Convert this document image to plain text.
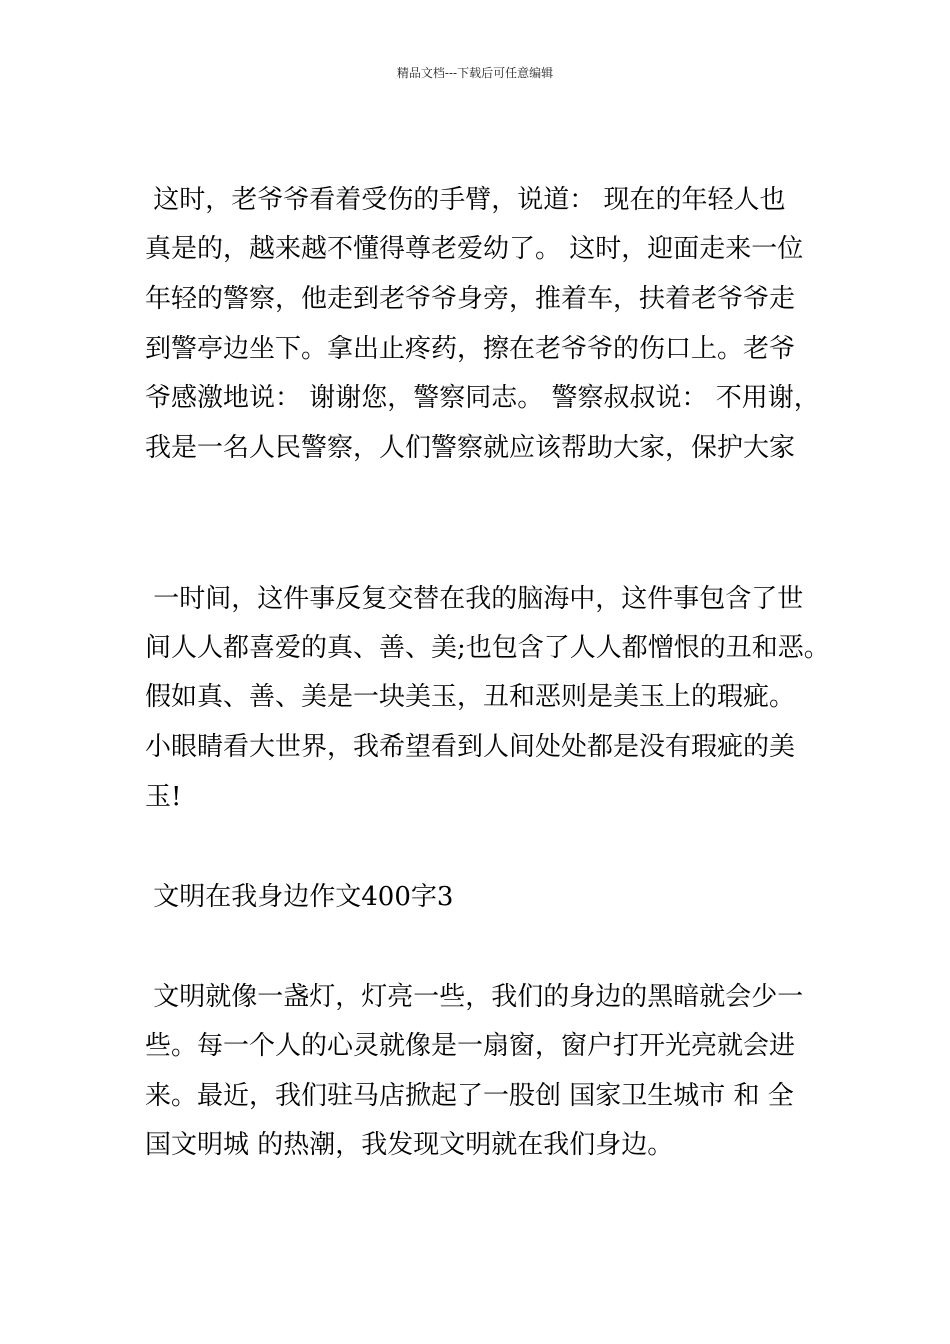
精品文档---下载后可任意编辑
这时，老爷爷看着受伤的手臂，说道： 现在的年轻人也
真是的，越来越不懂得尊老爱幼了。 这时，迎面走来一位
年轻的警察，他走到老爷爷身旁，推着车，扶着老爷爷走
到警亭边坐下。拿出止疼药，擦在老爷爷的伤口上。老爷
爷感激地说： 谢谢您，警察同志。 警察叔叔说： 不用谢，
我是一名人民警察，人们警察就应该帮助大家，保护大家
一时间，这件事反复交替在我的脑海中，这件事包含了世
间人人都喜爱的真、善、美;也包含了人人都憎恨的丑和恶。
假如真、善、美是一块美玉，丑和恶则是美玉上的瑕疵。
小眼睛看大世界，我希望看到人间处处都是没有瑕疵的美
玉!
文明在我身边作文400字3
文明就像一盏灯，灯亮一些，我们的身边的黑暗就会少一
些。每一个人的心灵就像是一扇窗，窗户打开光亮就会进
来。最近，我们驻马店掀起了一股创 国家卫生城市 和 全
国文明城 的热潮，我发现文明就在我们身边。
